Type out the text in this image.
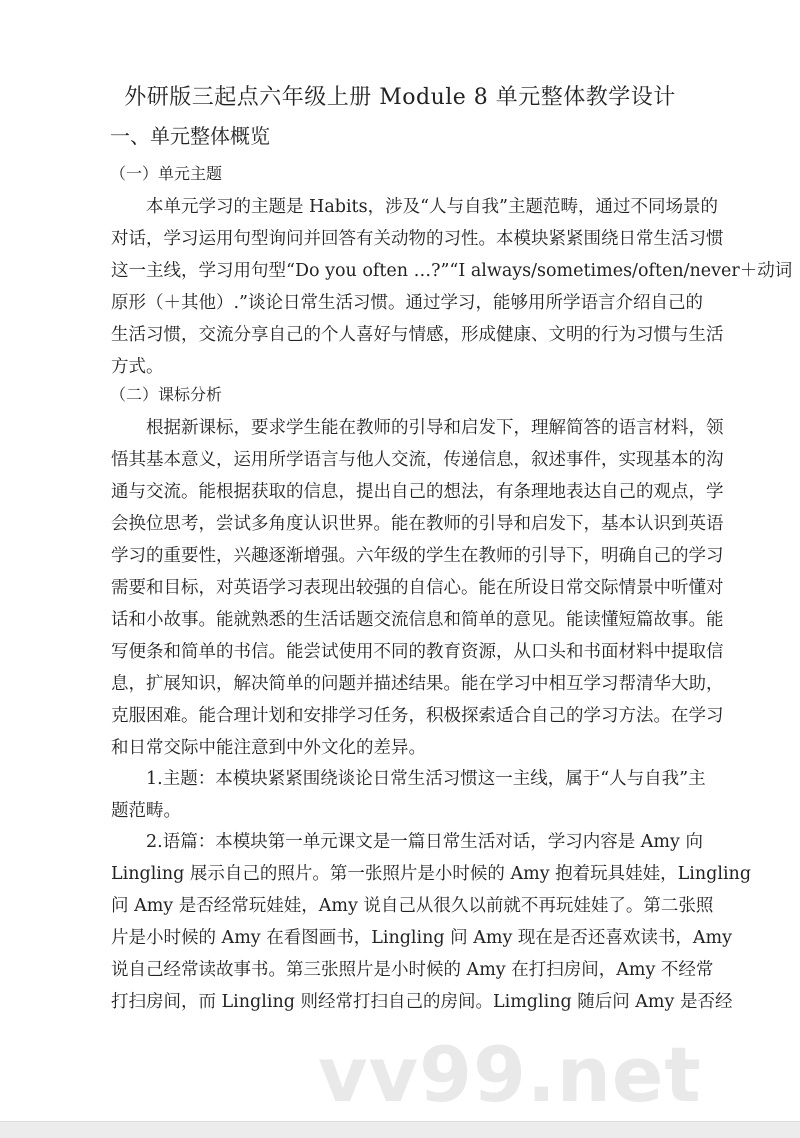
外研版三起点六年级上册 Module 8 单元整体教学设计
一、单元整体概览
（一）单元主题
本单元学习的主题是 Habits，涉及“人与自我”主题范畴，通过不同场景的
对话，学习运用句型询问并回答有关动物的习性。本模块紧紧围绕日常生活习惯
这一主线，学习用句型“Do you often …?”“I always/sometimes/often/never＋动词
原形（＋其他）.”谈论日常生活习惯。通过学习，能够用所学语言介绍自己的
生活习惯，交流分享自己的个人喜好与情感，形成健康、文明的行为习惯与生活
方式。
（二）课标分析
根据新课标，要求学生能在教师的引导和启发下，理解简答的语言材料，领
悟其基本意义，运用所学语言与他人交流，传递信息，叙述事件，实现基本的沟
通与交流。能根据获取的信息，提出自己的想法，有条理地表达自己的观点，学
会换位思考，尝试多角度认识世界。能在教师的引导和启发下，基本认识到英语
学习的重要性，兴趣逐渐增强。六年级的学生在教师的引导下，明确自己的学习
需要和目标，对英语学习表现出较强的自信心。能在所设日常交际情景中听懂对
话和小故事。能就熟悉的生活话题交流信息和简单的意见。能读懂短篇故事。能
写便条和简单的书信。能尝试使用不同的教育资源，从口头和书面材料中提取信
息，扩展知识，解决简单的问题并描述结果。能在学习中相互学习帮清华大助，
克服困难。能合理计划和安排学习任务，积极探索适合自己的学习方法。在学习
和日常交际中能注意到中外文化的差异。
1.主题：本模块紧紧围绕谈论日常生活习惯这一主线，属于“人与自我”主
题范畴。
2.语篇：本模块第一单元课文是一篇日常生活对话，学习内容是 Amy 向
Lingling 展示自己的照片。第一张照片是小时候的 Amy 抱着玩具娃娃，Lingling
问 Amy 是否经常玩娃娃，Amy 说自己从很久以前就不再玩娃娃了。第二张照
片是小时候的 Amy 在看图画书，Lingling 问 Amy 现在是否还喜欢读书，Amy
说自己经常读故事书。第三张照片是小时候的 Amy 在打扫房间，Amy 不经常
打扫房间，而 Lingling 则经常打扫自己的房间。Limgling 随后问 Amy 是否经
vv99.net
